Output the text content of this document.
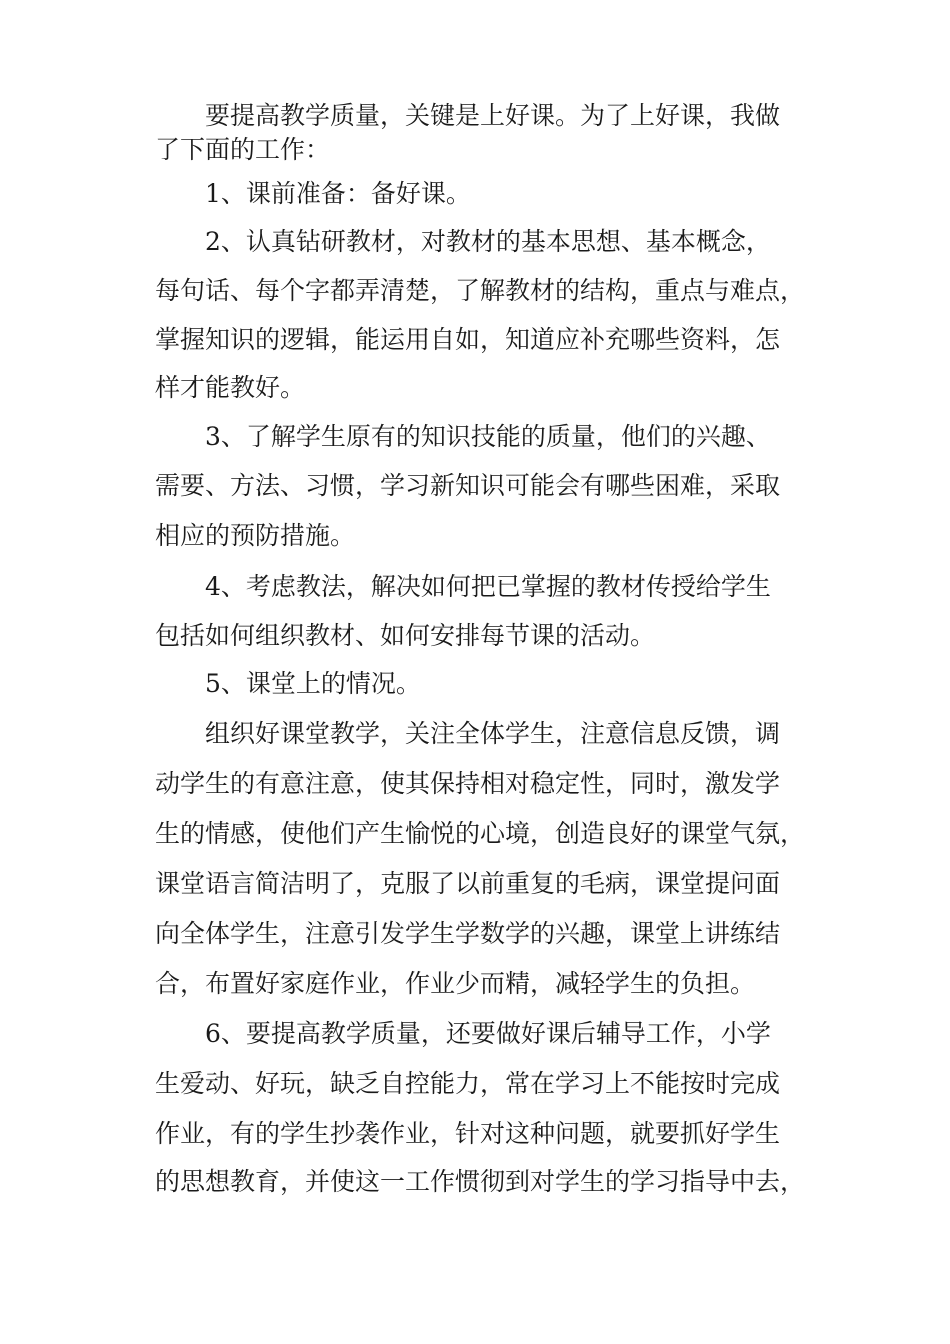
要提高教学质量，关键是上好课。为了上好课，我做
了下面的工作：
1、课前准备：备好课。
2、认真钻研教材，对教材的基本思想、基本概念，
每句话、每个字都弄清楚，了解教材的结构，重点与难点，
掌握知识的逻辑，能运用自如，知道应补充哪些资料，怎
样才能教好。
3、了解学生原有的知识技能的质量，他们的兴趣、
需要、方法、习惯，学习新知识可能会有哪些困难，采取
相应的预防措施。
4、考虑教法，解决如何把已掌握的教材传授给学生
包括如何组织教材、如何安排每节课的活动。
5、课堂上的情况。
组织好课堂教学，关注全体学生，注意信息反馈，调
动学生的有意注意，使其保持相对稳定性，同时，激发学
生的情感，使他们产生愉悦的心境，创造良好的课堂气氛，
课堂语言简洁明了，克服了以前重复的毛病，课堂提问面
向全体学生，注意引发学生学数学的兴趣，课堂上讲练结
合，布置好家庭作业，作业少而精，减轻学生的负担。
6、要提高教学质量，还要做好课后辅导工作，小学
生爱动、好玩，缺乏自控能力，常在学习上不能按时完成
作业，有的学生抄袭作业，针对这种问题，就要抓好学生
的思想教育，并使这一工作惯彻到对学生的学习指导中去，
